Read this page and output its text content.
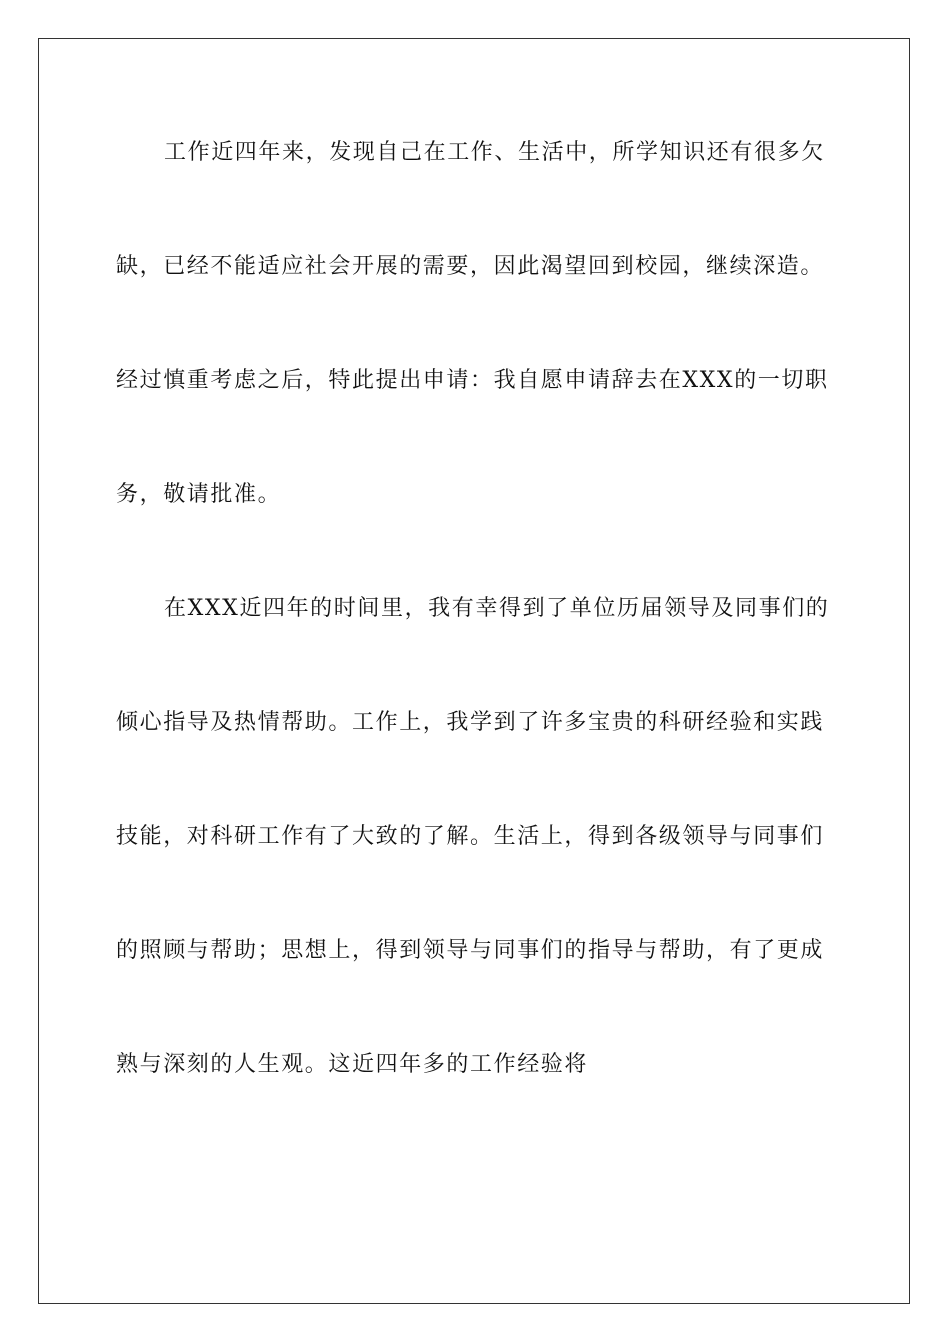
工作近四年来，发现自己在工作、生活中，所学知识还有很多欠
缺，已经不能适应社会开展的需要，因此渴望回到校园，继续深造。
经过慎重考虑之后，特此提出申请：我自愿申请辞去在XXX的一切职
务，敬请批准。
在XXX近四年的时间里，我有幸得到了单位历届领导及同事们的
倾心指导及热情帮助。工作上，我学到了许多宝贵的科研经验和实践
技能，对科研工作有了大致的了解。生活上，得到各级领导与同事们
的照顾与帮助；思想上，得到领导与同事们的指导与帮助，有了更成
熟与深刻的人生观。这近四年多的工作经验将
